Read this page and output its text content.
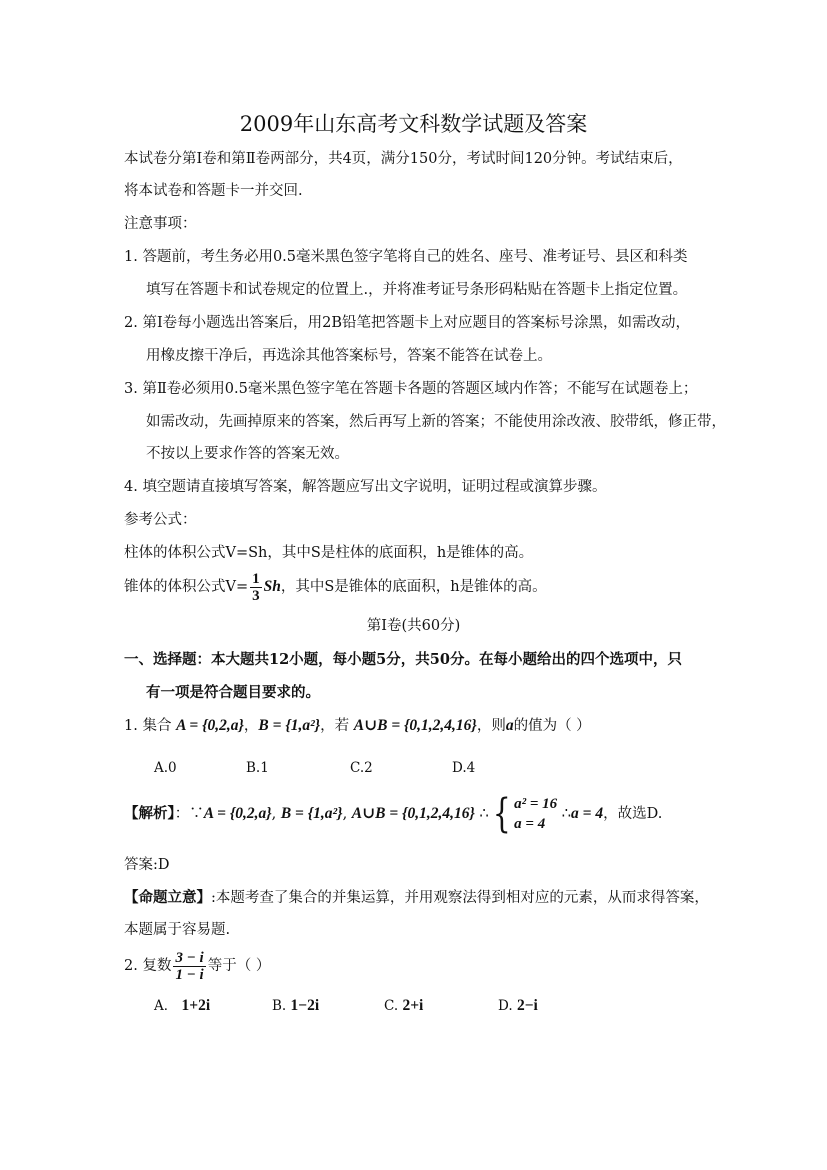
2009年山东高考文科数学试题及答案
本试卷分第Ⅰ卷和第Ⅱ卷两部分，共4页，满分150分，考试时间120分钟。考试结束后，
将本试卷和答题卡一并交回.
注意事项：
1. 答题前，考生务必用0.5毫米黑色签字笔将自己的姓名、座号、准考证号、县区和科类
填写在答题卡和试卷规定的位置上.，并将准考证号条形码粘贴在答题卡上指定位置。
2. 第Ⅰ卷每小题选出答案后，用2B铅笔把答题卡上对应题目的答案标号涂黑，如需改动，
用橡皮擦干净后，再选涂其他答案标号，答案不能答在试卷上。
3. 第Ⅱ卷必须用0.5毫米黑色签字笔在答题卡各题的答题区域内作答；不能写在试题卷上；
如需改动，先画掉原来的答案，然后再写上新的答案；不能使用涂改液、胶带纸，修正带，
不按以上要求作答的答案无效。
4. 填空题请直接填写答案，解答题应写出文字说明，证明过程或演算步骤。
参考公式：
柱体的体积公式V=Sh，其中S是柱体的底面积，h是锥体的高。
锥体的体积公式$V= \frac{1}{3}$ Sh，其中S是锥体的底面积，h是锥体的高。
第Ⅰ卷(共60分)
一、选择题：本大题共12小题，每小题5分，共50分。在每小题给出的四个选项中，只
有一项是符合题目要求的。
1. 集合 A = {0,2,a}，B = {1,a²}，若 A∪B = {0,1,2,4,16}，则a的值为（ ）
A.0	B.1	C.2	D.4
【解析】：∵A = {0,2,a}, B = {1,a²}, A∪B = {0,1,2,4,16} ∴{ a² = 16
a = 4
∴a = 4，故选D.
答案:D
【命题立意】:本题考查了集合的并集运算，并用观察法得到相对应的元素，从而求得答案，
本题属于容易题.
2. 复数 $\frac{3 - i}{1 - i}$ 等于（ ）
A． 1+2i	B. 1−2i	C. 2+i	D. 2−i
